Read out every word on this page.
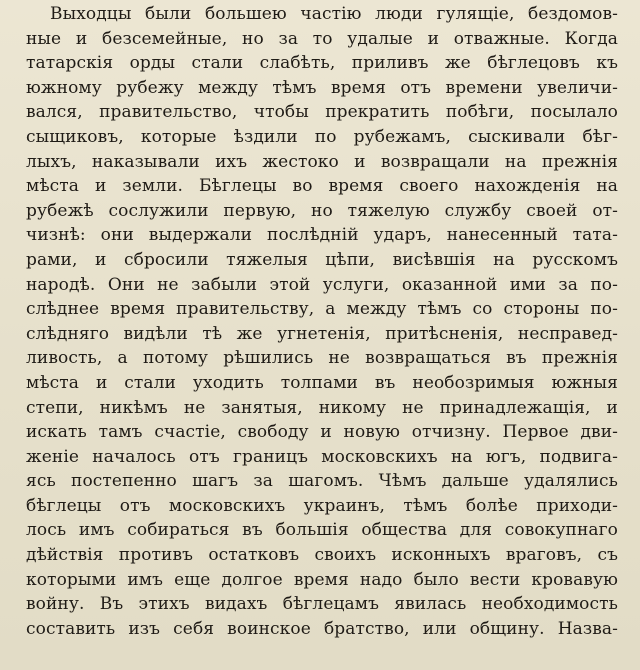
Выходцы были большею частію люди гулящіе, бездомов-
ные и безсемейные, но за то удалые и отважные. Когда
татарскія орды стали слабѣть, приливъ же бѣглецовъ къ
южному рубежу между тѣмъ время отъ времени увеличи-
вался, правительство, чтобы прекратить побѣги, посылало
сыщиковъ, которые ѣздили по рубежамъ, сыскивали бѣг-
лыхъ, наказывали ихъ жестоко и возвращали на прежнія
мѣста и земли. Бѣглецы во время своего нахожденія на
рубежѣ сослужили первую, но тяжелую службу своей от-
чизнѣ: они выдержали послѣдній ударъ, нанесенный тата-
рами, и сбросили тяжелыя цѣпи, висѣвшія на русскомъ
народѣ. Они не забыли этой услуги, оказанной ими за по-
слѣднее время правительству, а между тѣмъ со стороны по-
слѣдняго видѣли тѣ же угнетенія, притѣсненія, несправед-
ливость, а потому рѣшились не возвращаться въ прежнія
мѣста и стали уходить толпами въ необозримыя южныя
степи, никѣмъ не занятыя, никому не принадлежащія, и
искать тамъ счастіе, свободу и новую отчизну. Первое дви-
женіе началось отъ границъ московскихъ на югъ, подвига-
ясь постепенно шагъ за шагомъ. Чѣмъ дальше удалялись
бѣглецы отъ московскихъ украинъ, тѣмъ болѣе приходи-
лось имъ собираться въ большія общества для совокупнаго
дѣйствія противъ остатковъ своихъ исконныхъ враговъ, съ
которыми имъ еще долгое время надо было вести кровавую
войну. Въ этихъ видахъ бѣглецамъ явилась необходимость
составить изъ себя воинское братство, или общину. Назва-
